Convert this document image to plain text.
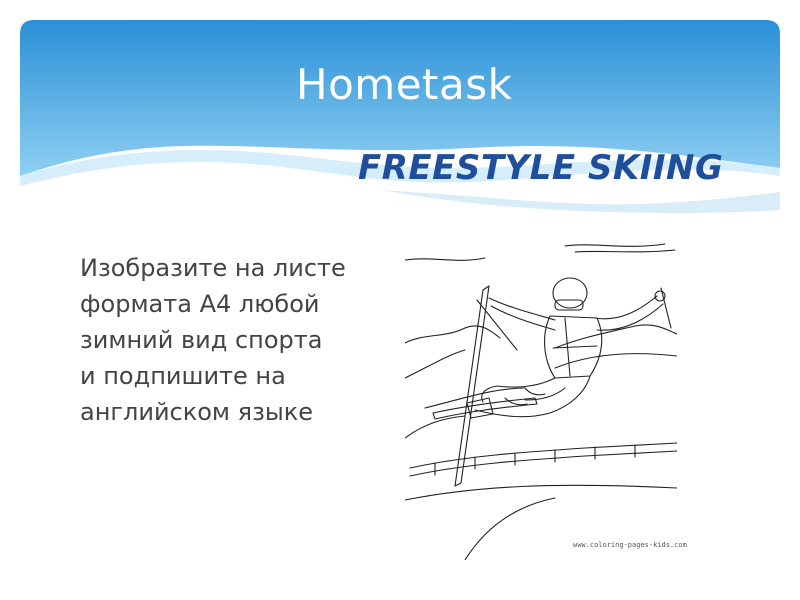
Hometask
FREESTYLE SKIING
Изобразите на листе
формата А4 любой
зимний вид спорта
и подпишите на
английском языке
www.coloring-pages-kids.com
